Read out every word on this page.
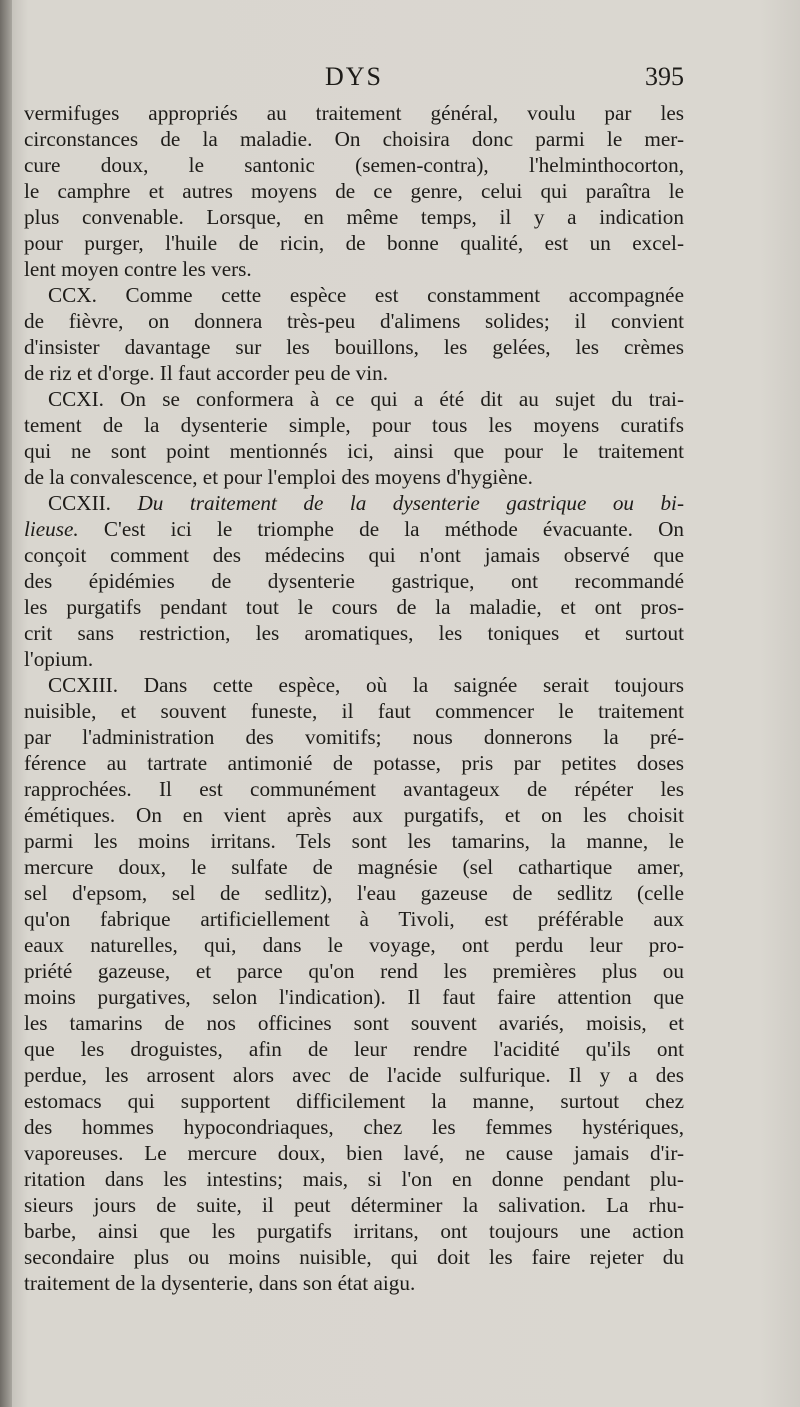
DYS	395
vermifuges appropriés au traitement général, voulu par les
circonstances de la maladie. On choisira donc parmi le mer-
cure doux, le santonic (semen-contra), l'helminthocorton,
le camphre et autres moyens de ce genre, celui qui paraîtra le
plus convenable. Lorsque, en même temps, il y a indication
pour purger, l'huile de ricin, de bonne qualité, est un excel-
lent moyen contre les vers.
CCX. Comme cette espèce est constamment accompagnée
de fièvre, on donnera très-peu d'alimens solides; il convient
d'insister davantage sur les bouillons, les gelées, les crèmes
de riz et d'orge. Il faut accorder peu de vin.
CCXI. On se conformera à ce qui a été dit au sujet du trai-
tement de la dysenterie simple, pour tous les moyens curatifs
qui ne sont point mentionnés ici, ainsi que pour le traitement
de la convalescence, et pour l'emploi des moyens d'hygiène.
CCXII. Du traitement de la dysenterie gastrique ou bi-
lieuse. C'est ici le triomphe de la méthode évacuante. On
conçoit comment des médecins qui n'ont jamais observé que
des épidémies de dysenterie gastrique, ont recommandé
les purgatifs pendant tout le cours de la maladie, et ont pros-
crit sans restriction, les aromatiques, les toniques et surtout
l'opium.
CCXIII. Dans cette espèce, où la saignée serait toujours
nuisible, et souvent funeste, il faut commencer le traitement
par l'administration des vomitifs; nous donnerons la pré-
férence au tartrate antimonié de potasse, pris par petites doses
rapprochées. Il est communément avantageux de répéter les
émétiques. On en vient après aux purgatifs, et on les choisit
parmi les moins irritans. Tels sont les tamarins, la manne, le
mercure doux, le sulfate de magnésie (sel cathartique amer,
sel d'epsom, sel de sedlitz), l'eau gazeuse de sedlitz (celle
qu'on fabrique artificiellement à Tivoli, est préférable aux
eaux naturelles, qui, dans le voyage, ont perdu leur pro-
priété gazeuse, et parce qu'on rend les premières plus ou
moins purgatives, selon l'indication). Il faut faire attention que
les tamarins de nos officines sont souvent avariés, moisis, et
que les droguistes, afin de leur rendre l'acidité qu'ils ont
perdue, les arrosent alors avec de l'acide sulfurique. Il y a des
estomacs qui supportent difficilement la manne, surtout chez
des hommes hypocondriaques, chez les femmes hystériques,
vaporeuses. Le mercure doux, bien lavé, ne cause jamais d'ir-
ritation dans les intestins; mais, si l'on en donne pendant plu-
sieurs jours de suite, il peut déterminer la salivation. La rhu-
barbe, ainsi que les purgatifs irritans, ont toujours une action
secondaire plus ou moins nuisible, qui doit les faire rejeter du
traitement de la dysenterie, dans son état aigu.
